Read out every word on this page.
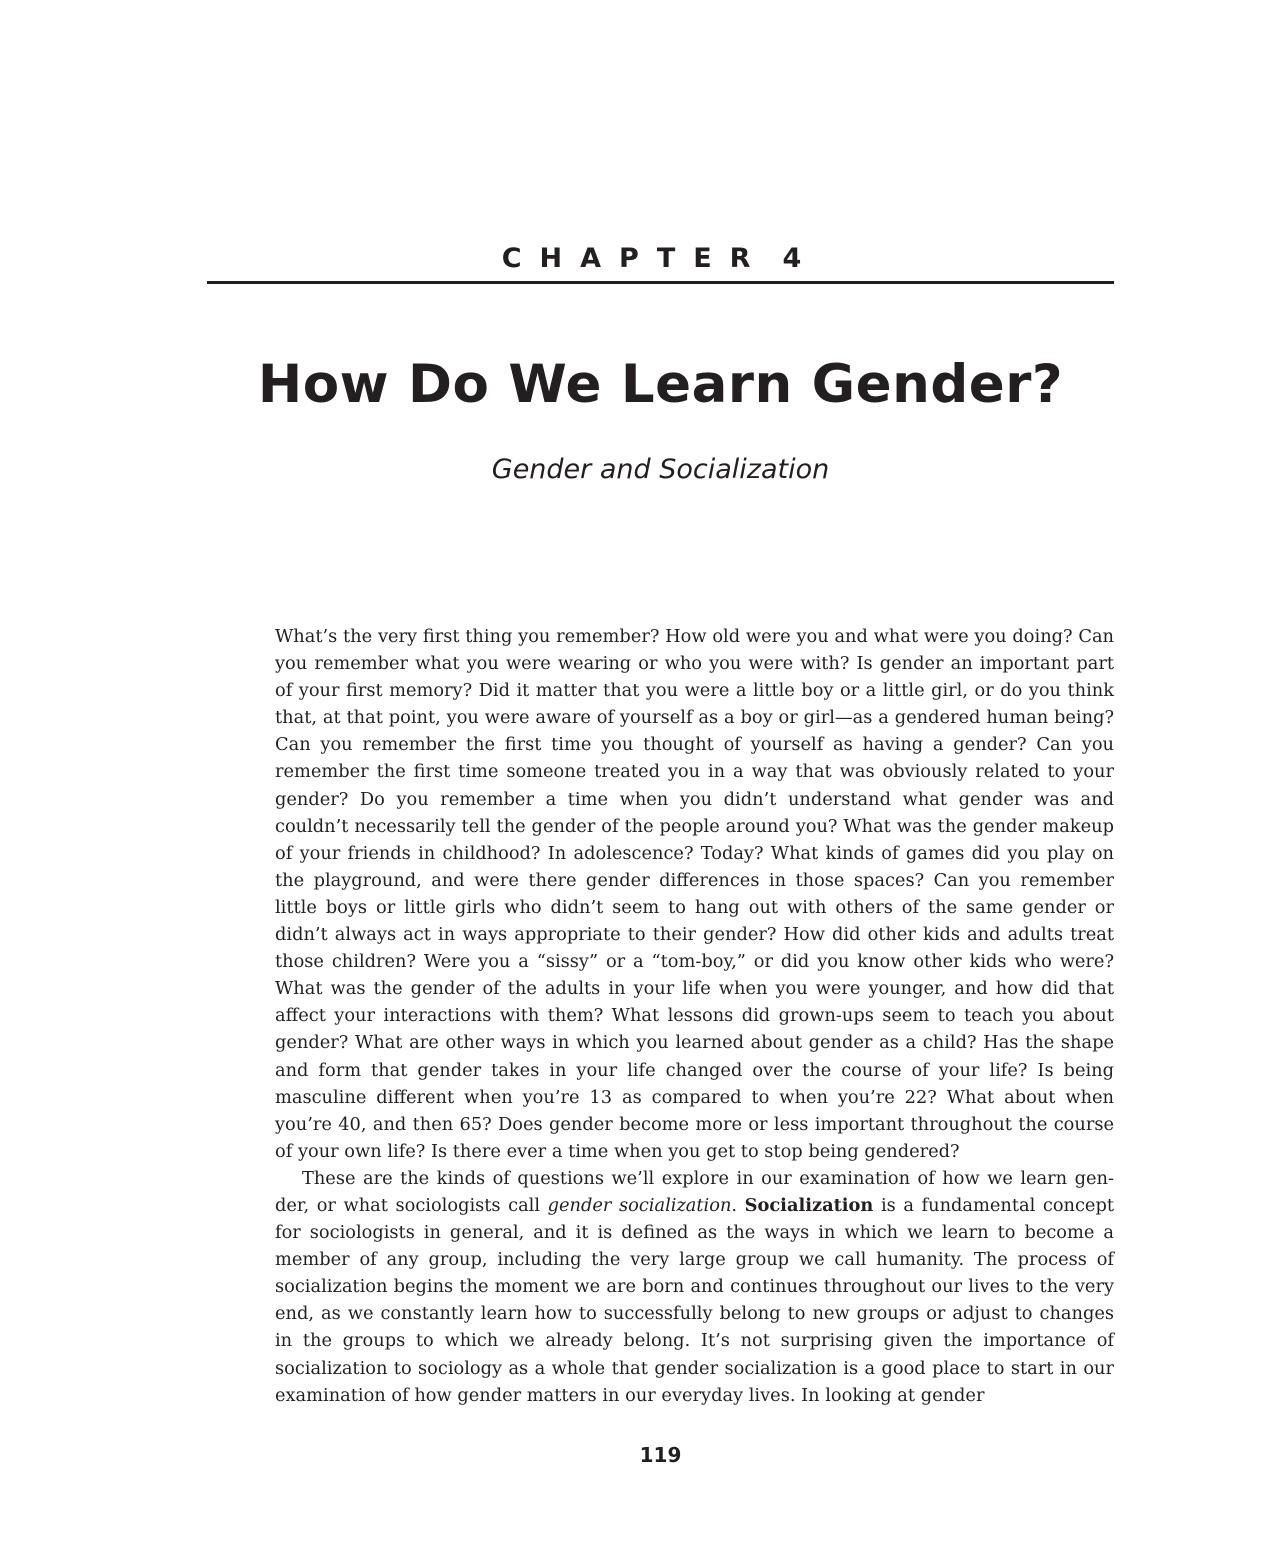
CHAPTER 4
How Do We Learn Gender?
Gender and Socialization

What’s the very first thing you remember? How old were you and what were you doing? Can you remember what you were wearing or who you were with? Is gender an important part of your first memory? Did it matter that you were a little boy or a little girl, or do you think that, at that point, you were aware of yourself as a boy or girl—as a gendered human being? Can you remember the first time you thought of yourself as having a gender? Can you remember the first time someone treated you in a way that was obviously related to your gender? Do you remember a time when you didn’t understand what gender was and couldn’t necessarily tell the gender of the people around you? What was the gender makeup of your friends in childhood? In adolescence? Today? What kinds of games did you play on the playground, and were there gender differences in those spaces? Can you remember little boys or little girls who didn’t seem to hang out with others of the same gender or didn’t always act in ways appropriate to their gender? How did other kids and adults treat those children? Were you a “sissy” or a “tom-boy,” or did you know other kids who were? What was the gender of the adults in your life when you were younger, and how did that affect your interactions with them? What lessons did grown-ups seem to teach you about gender? What are other ways in which you learned about gender as a child? Has the shape and form that gender takes in your life changed over the course of your life? Is being masculine different when you’re 13 as compared to when you’re 22? What about when you’re 40, and then 65? Does gender become more or less important throughout the course of your own life? Is there ever a time when you get to stop being gendered?

These are the kinds of questions we’ll explore in our examination of how we learn gen-der, or what sociologists call gender socialization. Socialization is a fundamental concept for sociologists in general, and it is defined as the ways in which we learn to become a member of any group, including the very large group we call humanity. The process of socialization begins the moment we are born and continues throughout our lives to the very end, as we constantly learn how to successfully belong to new groups or adjust to changes in the groups to which we already belong. It’s not surprising given the importance of socialization to sociology as a whole that gender socialization is a good place to start in our examination of how gender matters in our everyday lives. In looking at gender

119
